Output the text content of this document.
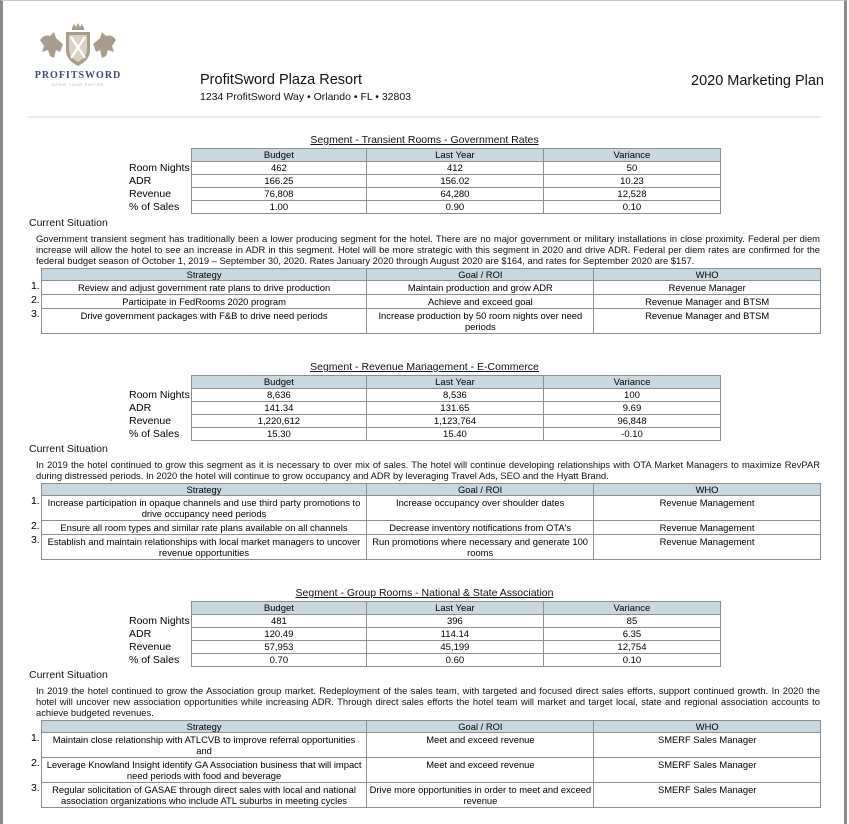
PROFITSWORD
GROW YOUR EMPIRE	ProfitSword Plaza Resort
1234 ProfitSword Way • Orlando • FL • 32803
2020 Marketing Plan
Segment - Transient Rooms - Government Rates
	Budget	Last Year	Variance
Room Nights	462	412	50
ADR	166.25	156.02	10.23
Revenue	76,808	64,280	12,528
% of Sales	1.00	0.90	0.10
Current Situation
Government transient segment has traditionally been a lower producing segment for the hotel. There are no major government or military installations in close proximity. Federal per diem increase will allow the hotel to see an increase in ADR in this segment. Hotel will be more strategic with this segment in 2020 and drive ADR. Federal per diem rates are confirmed for the federal budget season of October 1, 2019 – September 30, 2020. Rates January 2020 through August 2020 are $164, and rates for September 2020 are $157.
	Strategy	Goal / ROI	WHO
1.	Review and adjust government rate plans to drive production	Maintain production and grow ADR	Revenue Manager
2.	Participate in FedRooms 2020 program	Achieve and exceed goal	Revenue Manager and BTSM
3.	Drive government packages with F&B to drive need periods	Increase production by 50 room nights over need periods	Revenue Manager and BTSM
Segment - Revenue Management - E-Commerce
	Budget	Last Year	Variance
Room Nights	8,636	8,536	100
ADR	141.34	131.65	9.69
Revenue	1,220,612	1,123,764	96,848
% of Sales	15.30	15.40	-0.10
Current Situation
In 2019 the hotel continued to grow this segment as it is necessary to over mix of sales. The hotel will continue developing relationships with OTA Market Managers to maximize RevPAR during distressed periods. In 2020 the hotel will continue to grow occupancy and ADR by leveraging Travel Ads, SEO and the Hyatt Brand.
	Strategy	Goal / ROI	WHO
1.	Increase participation in opaque channels and use third party promotions to drive occupancy need periods	Increase occupancy over shoulder dates	Revenue Management
2.	Ensure all room types and similar rate plans available on all channels	Decrease inventory notifications from OTA's	Revenue Management
3.	Establish and maintain relationships with local market managers to uncover revenue opportunities	Run promotions where necessary and generate 100 rooms	Revenue Management
Segment - Group Rooms - National & State Association
	Budget	Last Year	Variance
Room Nights	481	396	85
ADR	120.49	114.14	6.35
Revenue	57,953	45,199	12,754
% of Sales	0.70	0.60	0.10
Current Situation
In 2019 the hotel continued to grow the Association group market. Redeployment of the sales team, with targeted and focused direct sales efforts, support continued growth. In 2020 the hotel will uncover new association opportunities while increasing ADR. Through direct sales efforts the hotel team will market and target local, state and regional association accounts to achieve budgeted revenues.
	Strategy	Goal / ROI	WHO
1.	Maintain close relationship with ATLCVB to improve referral opportunities and	Meet and exceed revenue	SMERF Sales Manager
2.	Leverage Knowland Insight identify GA Association business that will impact need periods with food and beverage	Meet and exceed revenue	SMERF Sales Manager
3.	Regular solicitation of GASAE through direct sales with local and national association organizations who include ATL suburbs in meeting cycles	Drive more opportunities in order to meet and exceed revenue	SMERF Sales Manager
